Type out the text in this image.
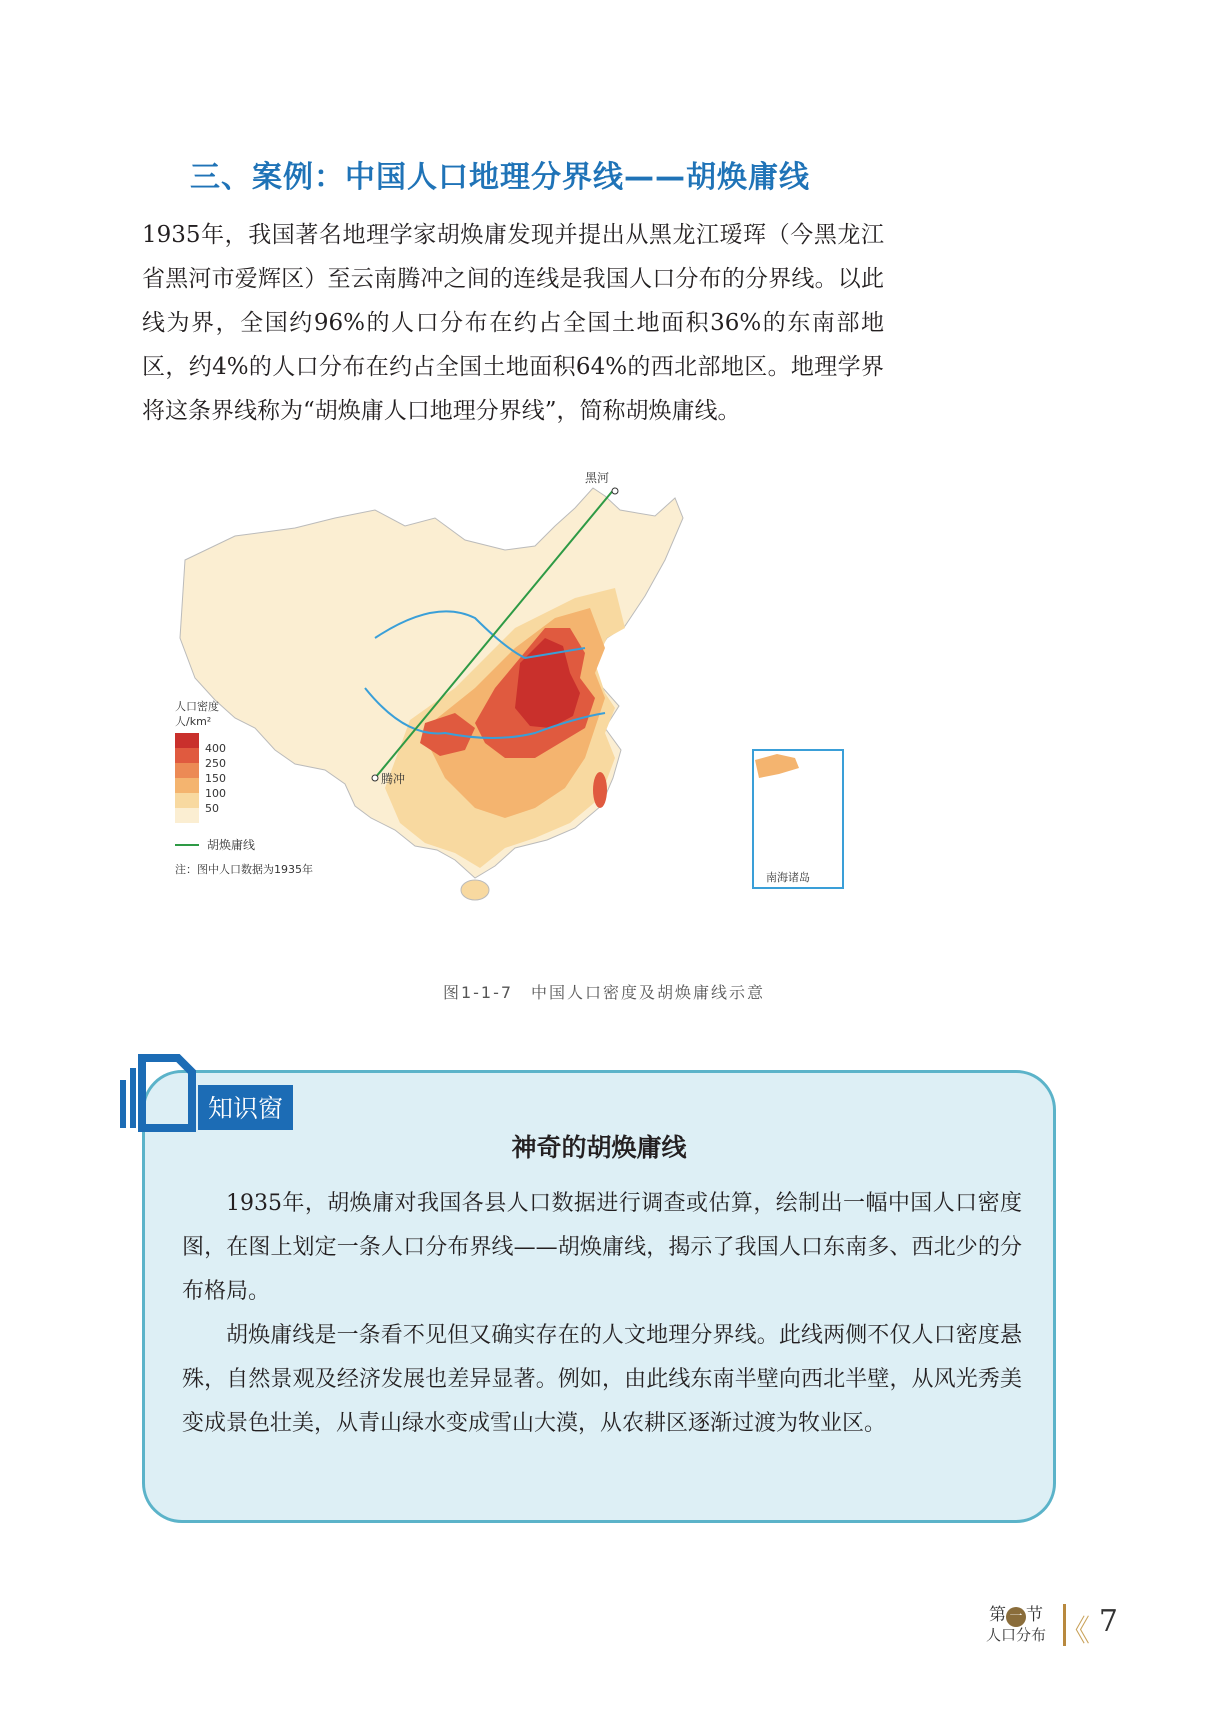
三、案例：中国人口地理分界线——胡焕庸线

1935年，我国著名地理学家胡焕庸发现并提出从黑龙江瑷珲（今黑龙江省黑河市爱辉区）至云南腾冲之间的连线是我国人口分布的分界线。以此线为界，全国约96%的人口分布在约占全国土地面积36%的东南部地区，约4%的人口分布在约占全国土地面积64%的西北部地区。地理学界将这条界线称为“胡焕庸人口地理分界线”，简称胡焕庸线。

黑河
腾冲
人口密度
人/km²
400
250
150
100
50
胡焕庸线
注：图中人口数据为1935年
南海诸岛
图1-1-7　中国人口密度及胡焕庸线示意
知识窗
神奇的胡焕庸线

1935年，胡焕庸对我国各县人口数据进行调查或估算，绘制出一幅中国人口密度图，在图上划定一条人口分布界线——胡焕庸线，揭示了我国人口东南多、西北少的分布格局。

胡焕庸线是一条看不见但又确实存在的人文地理分界线。此线两侧不仅人口密度悬殊，自然景观及经济发展也差异显著。例如，由此线东南半壁向西北半壁，从风光秀美变成景色壮美，从青山绿水变成雪山大漠，从农耕区逐渐过渡为牧业区。

第 一 节
人口分布 《 7
